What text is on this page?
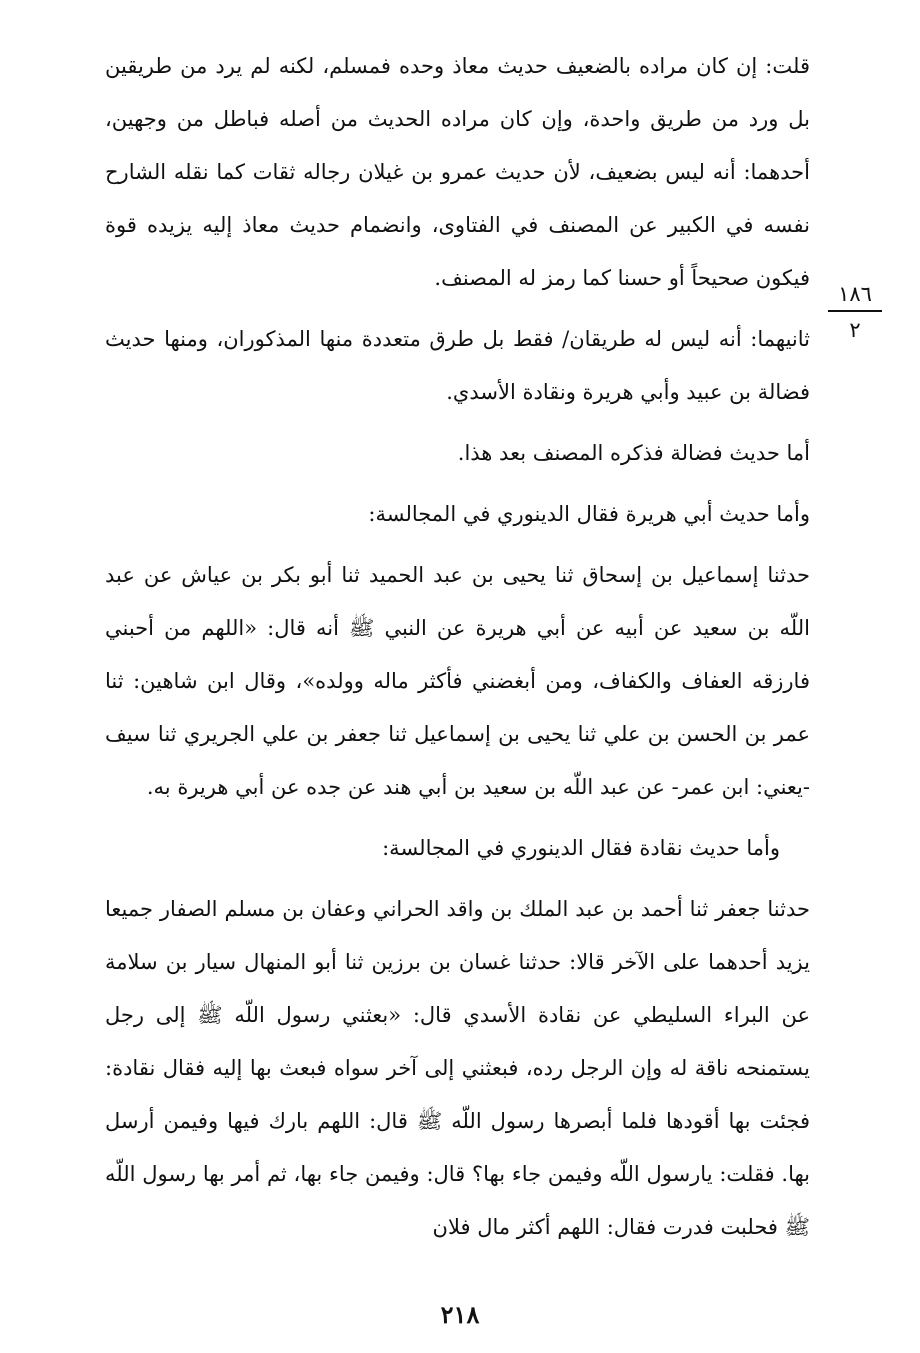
قلت: إن كان مراده بالضعيف حديث معاذ وحده فمسلم، لكنه لم يرد من طريقين بل ورد من طريق واحدة، وإن كان مراده الحديث من أصله فباطل من وجهين، أحدهما: أنه ليس بضعيف، لأن حديث عمرو بن غيلان رجاله ثقات كما نقله الشارح نفسه في الكبير عن المصنف في الفتاوى، وانضمام حديث معاذ إليه يزيده قوة فيكون صحيحاً أو حسنا كما رمز له المصنف.

ثانيهما: أنه ليس له طريقان/ فقط بل طرق متعددة منها المذكوران، ومنها حديث فضالة بن عبيد وأبي هريرة ونقادة الأسدي.

أما حديث فضالة فذكره المصنف بعد هذا.

وأما حديث أبي هريرة فقال الدينوري في المجالسة:

حدثنا إسماعيل بن إسحاق ثنا يحيى بن عبد الحميد ثنا أبو بكر بن عياش عن عبد اللّه بن سعيد عن أبيه عن أبي هريرة عن النبي ﷺ أنه قال: «اللهم من أحبني فارزقه العفاف والكفاف، ومن أبغضني فأكثر ماله وولده»، وقال ابن شاهين: ثنا عمر بن الحسن بن علي ثنا يحيى بن إسماعيل ثنا جعفر بن علي الجريري ثنا سيف -يعني: ابن عمر- عن عبد اللّه بن سعيد بن أبي هند عن جده عن أبي هريرة به.

وأما حديث نقادة فقال الدينوري في المجالسة:

حدثنا جعفر ثنا أحمد بن عبد الملك بن واقد الحراني وعفان بن مسلم الصفار جميعا يزيد أحدهما على الآخر قالا: حدثنا غسان بن برزين ثنا أبو المنهال سيار بن سلامة عن البراء السليطي عن نقادة الأسدي قال: «بعثني رسول اللّه ﷺ إلى رجل يستمنحه ناقة له وإن الرجل رده، فبعثني إلى آخر سواه فبعث بها إليه فقال نقادة: فجئت بها أقودها فلما أبصرها رسول اللّه ﷺ قال: اللهم بارك فيها وفيمن أرسل بها. فقلت: يارسول اللّه وفيمن جاء بها؟ قال: وفيمن جاء بها، ثم أمر بها رسول اللّه ﷺ فحلبت فدرت فقال: اللهم أكثر مال فلان

١٨٦
٢
٢١٨
